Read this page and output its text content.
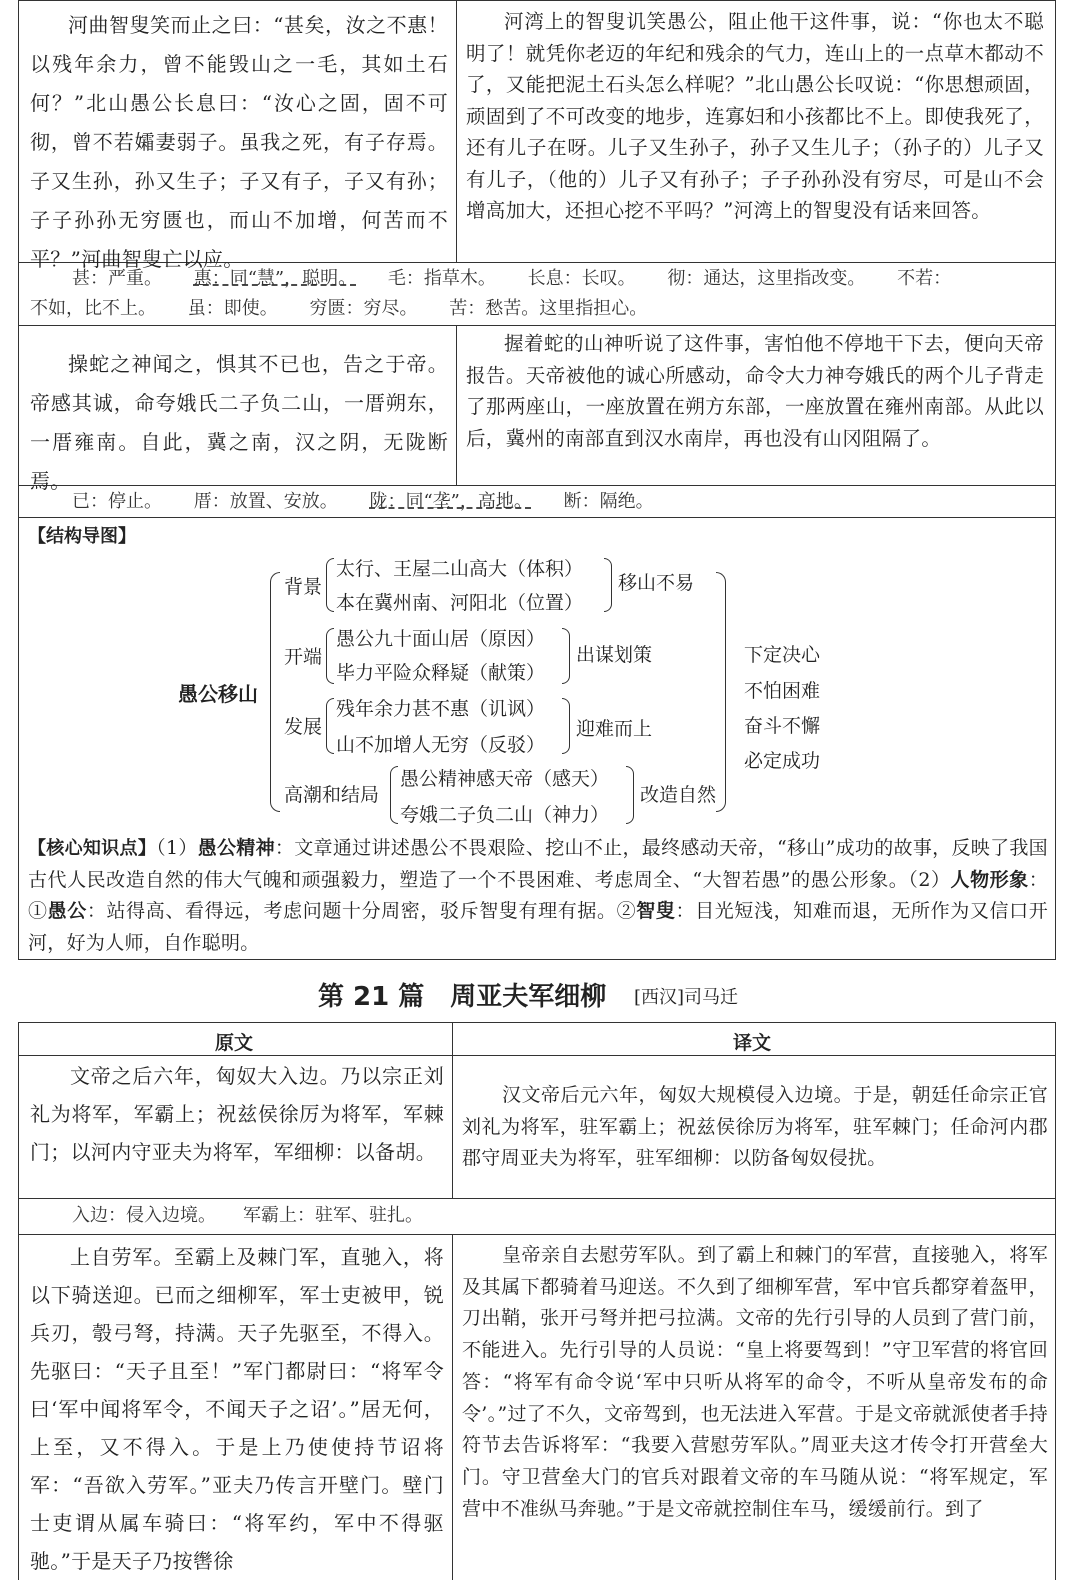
河曲智叟笑而止之曰：“甚矣，汝之不惠！以残年余力，曾不能毁山之一毛，其如土石何？”北山愚公长息曰：“汝心之固，固不可彻，曾不若孀妻弱子。虽我之死，有子存焉。子又生孙，孙又生子；子又有子，子又有孙；子子孙孙无穷匮也，而山不加增，何苦而不平？”河曲智叟亡以应。
河湾上的智叟讥笑愚公，阻止他干这件事，说：“你也太不聪明了！就凭你老迈的年纪和残余的气力，连山上的一点草木都动不了，又能把泥土石头怎么样呢？”北山愚公长叹说：“你思想顽固，顽固到了不可改变的地步，连寡妇和小孩都比不上。即使我死了，还有儿子在呀。儿子又生孙子，孙子又生儿子；（孙子的）儿子又有儿子，（他的）儿子又有孙子；子子孙孙没有穷尽，可是山不会增高加大，还担心挖不平吗？”河湾上的智叟没有话来回答。
甚：严重。 惠：同“慧”，聪明。 毛：指草木。 长息：长叹。 彻：通达，这里指改变。 不若：
不如，比不上。 虽：即使。 穷匮：穷尽。 苦：愁苦。这里指担心。
操蛇之神闻之，惧其不已也，告之于帝。帝感其诚，命夸娥氏二子负二山，一厝朔东，一厝雍南。自此，冀之南，汉之阴，无陇断焉。
握着蛇的山神听说了这件事，害怕他不停地干下去，便向天帝报告。天帝被他的诚心所感动，命令大力神夸娥氏的两个儿子背走了那两座山，一座放置在朔方东部，一座放置在雍州南部。从此以后，冀州的南部直到汉水南岸，再也没有山冈阻隔了。
已：停止。 厝：放置、安放。 陇：同“垄”，高地。 断：隔绝。
【结构导图】
愚公移山
背景
太行、王屋二山高大（体积）
本在冀州南、河阳北（位置）
移山不易
开端
愚公九十面山居（原因）
毕力平险众释疑（献策）
出谋划策
发展
残年余力甚不惠（讥讽）
山不加增人无穷（反驳）
迎难而上
高潮和结局
愚公精神感天帝（感天）
夸娥二子负二山（神力）
改造自然
下定决心
不怕困难
奋斗不懈
必定成功
【核心知识点】（1）愚公精神：文章通过讲述愚公不畏艰险、挖山不止，最终感动天帝，“移山”成功的故事，反映了我国古代人民改造自然的伟大气魄和顽强毅力，塑造了一个不畏困难、考虑周全、“大智若愚”的愚公形象。（2）人物形象：①愚公：站得高、看得远，考虑问题十分周密，驳斥智叟有理有据。②智叟：目光短浅，知难而退，无所作为又信口开河，好为人师，自作聪明。
第 21 篇　周亚夫军细柳 [西汉]司马迁
原文	译文
文帝之后六年，匈奴大入边。乃以宗正刘礼为将军，军霸上；祝兹侯徐厉为将军，军棘门；以河内守亚夫为将军，军细柳：以备胡。
汉文帝后元六年，匈奴大规模侵入边境。于是，朝廷任命宗正官刘礼为将军，驻军霸上；祝兹侯徐厉为将军，驻军棘门；任命河内郡郡守周亚夫为将军，驻军细柳：以防备匈奴侵扰。
入边：侵入边境。　　军霸上：驻军、驻扎。
上自劳军。至霸上及棘门军，直驰入，将以下骑送迎。已而之细柳军，军士吏被甲，锐兵刃，彀弓弩，持满。天子先驱至，不得入。先驱曰：“天子且至！”军门都尉曰：“将军令曰‘军中闻将军令，不闻天子之诏’。”居无何，上至，又不得入。于是上乃使使持节诏将军：“吾欲入劳军。”亚夫乃传言开壁门。壁门士吏谓从属车骑曰：“将军约，军中不得驱驰。”于是天子乃按辔徐
皇帝亲自去慰劳军队。到了霸上和棘门的军营，直接驰入，将军及其属下都骑着马迎送。不久到了细柳军营，军中官兵都穿着盔甲，刀出鞘，张开弓弩并把弓拉满。文帝的先行引导的人员到了营门前，不能进入。先行引导的人员说：“皇上将要驾到！”守卫军营的将官回答：“将军有命令说‘军中只听从将军的命令，不听从皇帝发布的命令’。”过了不久，文帝驾到，也无法进入军营。于是文帝就派使者手持符节去告诉将军：“我要入营慰劳军队。”周亚夫这才传令打开营垒大门。守卫营垒大门的官兵对跟着文帝的车马随从说：“将军规定，军营中不准纵马奔驰。”于是文帝就控制住车马，缓缓前行。到了
